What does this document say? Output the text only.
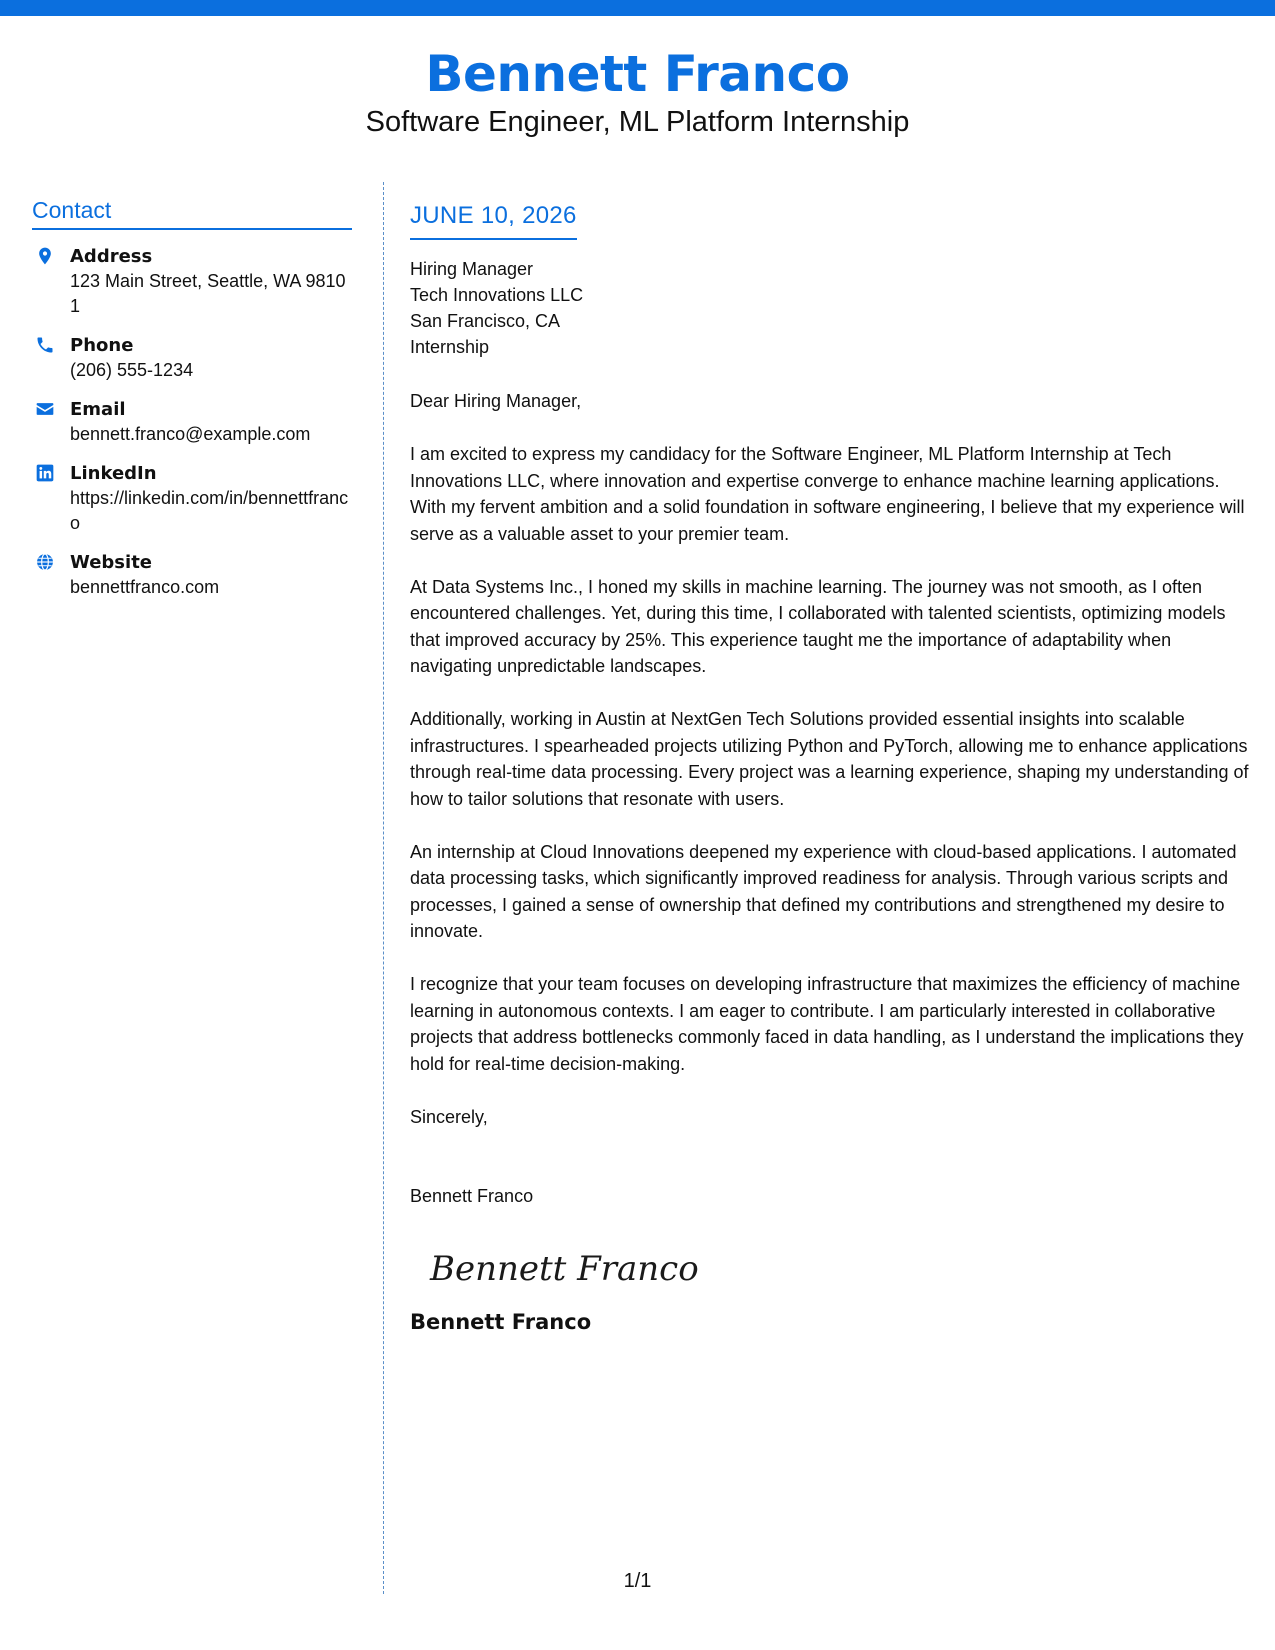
Bennett Franco
Software Engineer, ML Platform Internship
Contact
Address
123 Main Street, Seattle, WA 98101
Phone
(206) 555-1234
Email
bennett.franco@example.com
LinkedIn
https://linkedin.com/in/bennettfranco
Website
bennettfranco.com
JUNE 10, 2026
Hiring Manager
Tech Innovations LLC
San Francisco, CA
Internship
Dear Hiring Manager,
I am excited to express my candidacy for the Software Engineer, ML Platform Internship at Tech Innovations LLC, where innovation and expertise converge to enhance machine learning applications. With my fervent ambition and a solid foundation in software engineering, I believe that my experience will serve as a valuable asset to your premier team.
At Data Systems Inc., I honed my skills in machine learning. The journey was not smooth, as I often encountered challenges. Yet, during this time, I collaborated with talented scientists, optimizing models that improved accuracy by 25%. This experience taught me the importance of adaptability when navigating unpredictable landscapes.
Additionally, working in Austin at NextGen Tech Solutions provided essential insights into scalable infrastructures. I spearheaded projects utilizing Python and PyTorch, allowing me to enhance applications through real-time data processing. Every project was a learning experience, shaping my understanding of how to tailor solutions that resonate with users.
An internship at Cloud Innovations deepened my experience with cloud-based applications. I automated data processing tasks, which significantly improved readiness for analysis. Through various scripts and processes, I gained a sense of ownership that defined my contributions and strengthened my desire to innovate.
I recognize that your team focuses on developing infrastructure that maximizes the efficiency of machine learning in autonomous contexts. I am eager to contribute. I am particularly interested in collaborative projects that address bottlenecks commonly faced in data handling, as I understand the implications they hold for real-time decision-making.
Sincerely,
Bennett Franco
Bennett Franco
Bennett Franco
1/1
